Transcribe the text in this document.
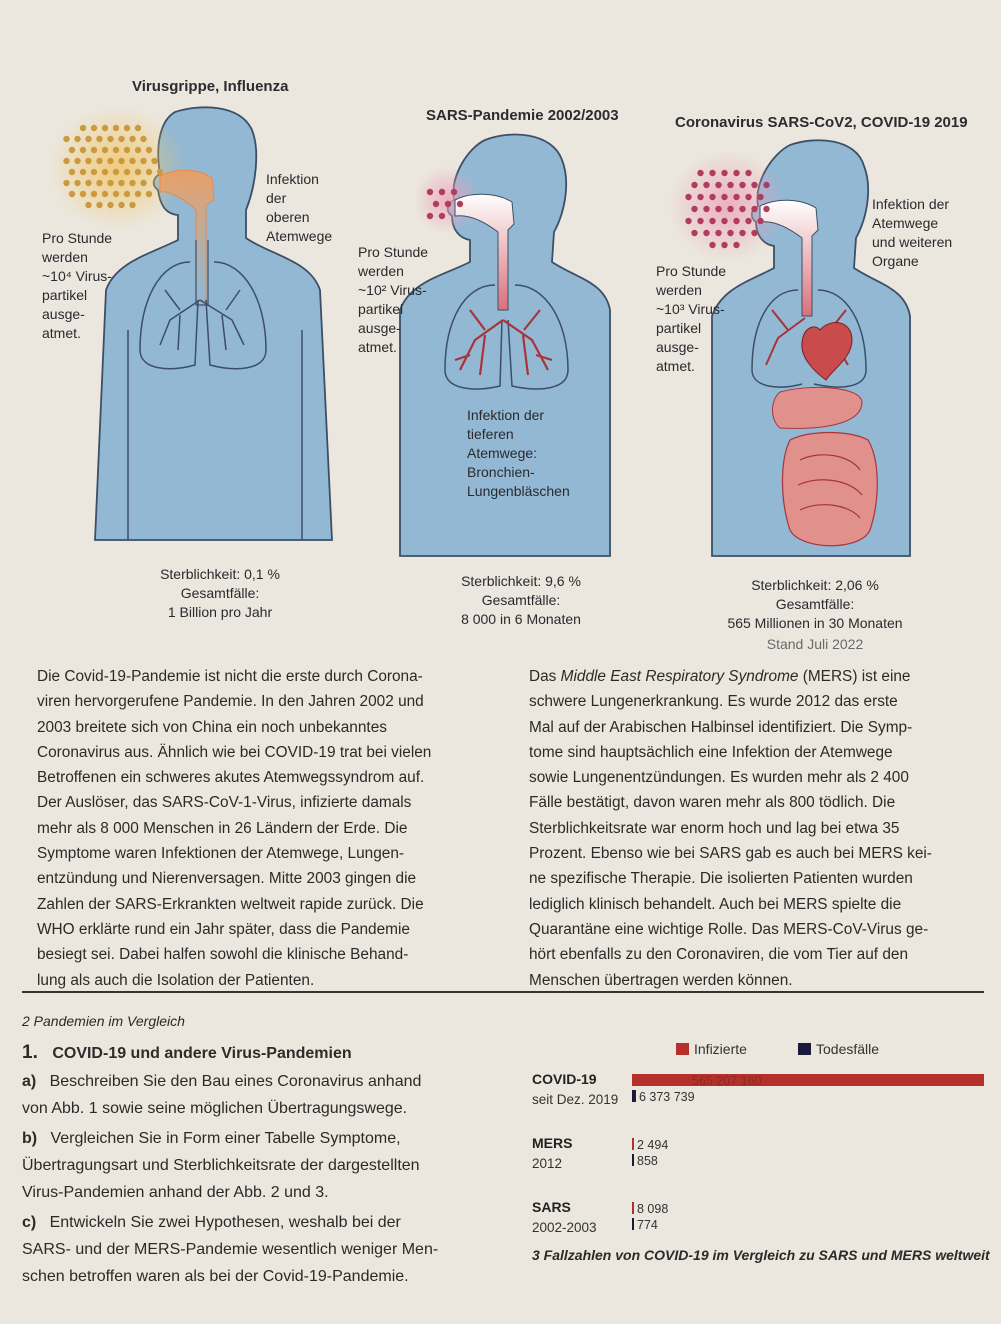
Virusgrippe, Influenza
SARS-Pandemie 2002/2003	Coronavirus SARS-CoV2, COVID-19 2019
Infektion
der
oberen
Atemwege
Pro Stunde
werden
~10⁴ Virus-
partikel
ausge-
atmet.
Sterblichkeit: 0,1 %
Gesamtfälle:
1 Billion pro Jahr
Pro Stunde
werden
~10² Virus-
partikel
ausge-
atmet.
Infektion der
tieferen
Atemwege:
Bronchien-
Lungenbläschen
Sterblichkeit: 9,6 %
Gesamtfälle:
8 000 in 6 Monaten
Infektion der
Atemwege
und weiteren
Organe
Pro Stunde
werden
~10³ Virus-
partikel
ausge-
atmet.
Sterblichkeit: 2,06 %
Gesamtfälle:
565 Millionen in 30 Monaten
Stand Juli 2022
Die Covid-19-Pandemie ist nicht die erste durch Corona-
viren hervorgerufene Pandemie. In den Jahren 2002 und
2003 breitete sich von China ein noch unbekanntes
Coronavirus aus. Ähnlich wie bei COVID-19 trat bei vielen
Betroffenen ein schweres akutes Atemwegssyndrom auf.
Der Auslöser, das SARS-CoV-1-Virus, infizierte damals
mehr als 8 000 Menschen in 26 Ländern der Erde. Die
Symptome waren Infektionen der Atemwege, Lungen-
entzündung und Nierenversagen. Mitte 2003 gingen die
Zahlen der SARS-Erkrankten weltweit rapide zurück. Die
WHO erklärte rund ein Jahr später, dass die Pandemie
besiegt sei. Dabei halfen sowohl die klinische Behand-
lung als auch die Isolation der Patienten.
Das Middle East Respiratory Syndrome (MERS) ist eine
schwere Lungenerkrankung. Es wurde 2012 das erste
Mal auf der Arabischen Halbinsel identifiziert. Die Symp-
tome sind hauptsächlich eine Infektion der Atemwege
sowie Lungenentzündungen. Es wurden mehr als 2 400
Fälle bestätigt, davon waren mehr als 800 tödlich. Die
Sterblichkeitsrate war enorm hoch und lag bei etwa 35
Prozent. Ebenso wie bei SARS gab es auch bei MERS kei-
ne spezifische Therapie. Die isolierten Patienten wurden
lediglich klinisch behandelt. Auch bei MERS spielte die
Quarantäne eine wichtige Rolle. Das MERS-CoV-Virus ge-
hört ebenfalls zu den Coronaviren, die vom Tier auf den
Menschen übertragen werden können.
2 Pandemien im Vergleich
1. COVID-19 und andere Virus-Pandemien
a) Beschreiben Sie den Bau eines Coronavirus anhand
von Abb. 1 sowie seine möglichen Übertragungswege.
b) Vergleichen Sie in Form einer Tabelle Symptome,
Übertragungsart und Sterblichkeitsrate der dargestellten
Virus-Pandemien anhand der Abb. 2 und 3.
c) Entwickeln Sie zwei Hypothesen, weshalb bei der
SARS- und der MERS-Pandemie wesentlich weniger Men-
schen betroffen waren als bei der Covid-19-Pandemie.
Infizierte	Todesfälle
COVID-19
seit Dez. 2019
565 207 160
6 373 739
MERS
2012
2 494
858
SARS
2002-2003
8 098
774
3 Fallzahlen von COVID-19 im Vergleich zu SARS und MERS weltweit
